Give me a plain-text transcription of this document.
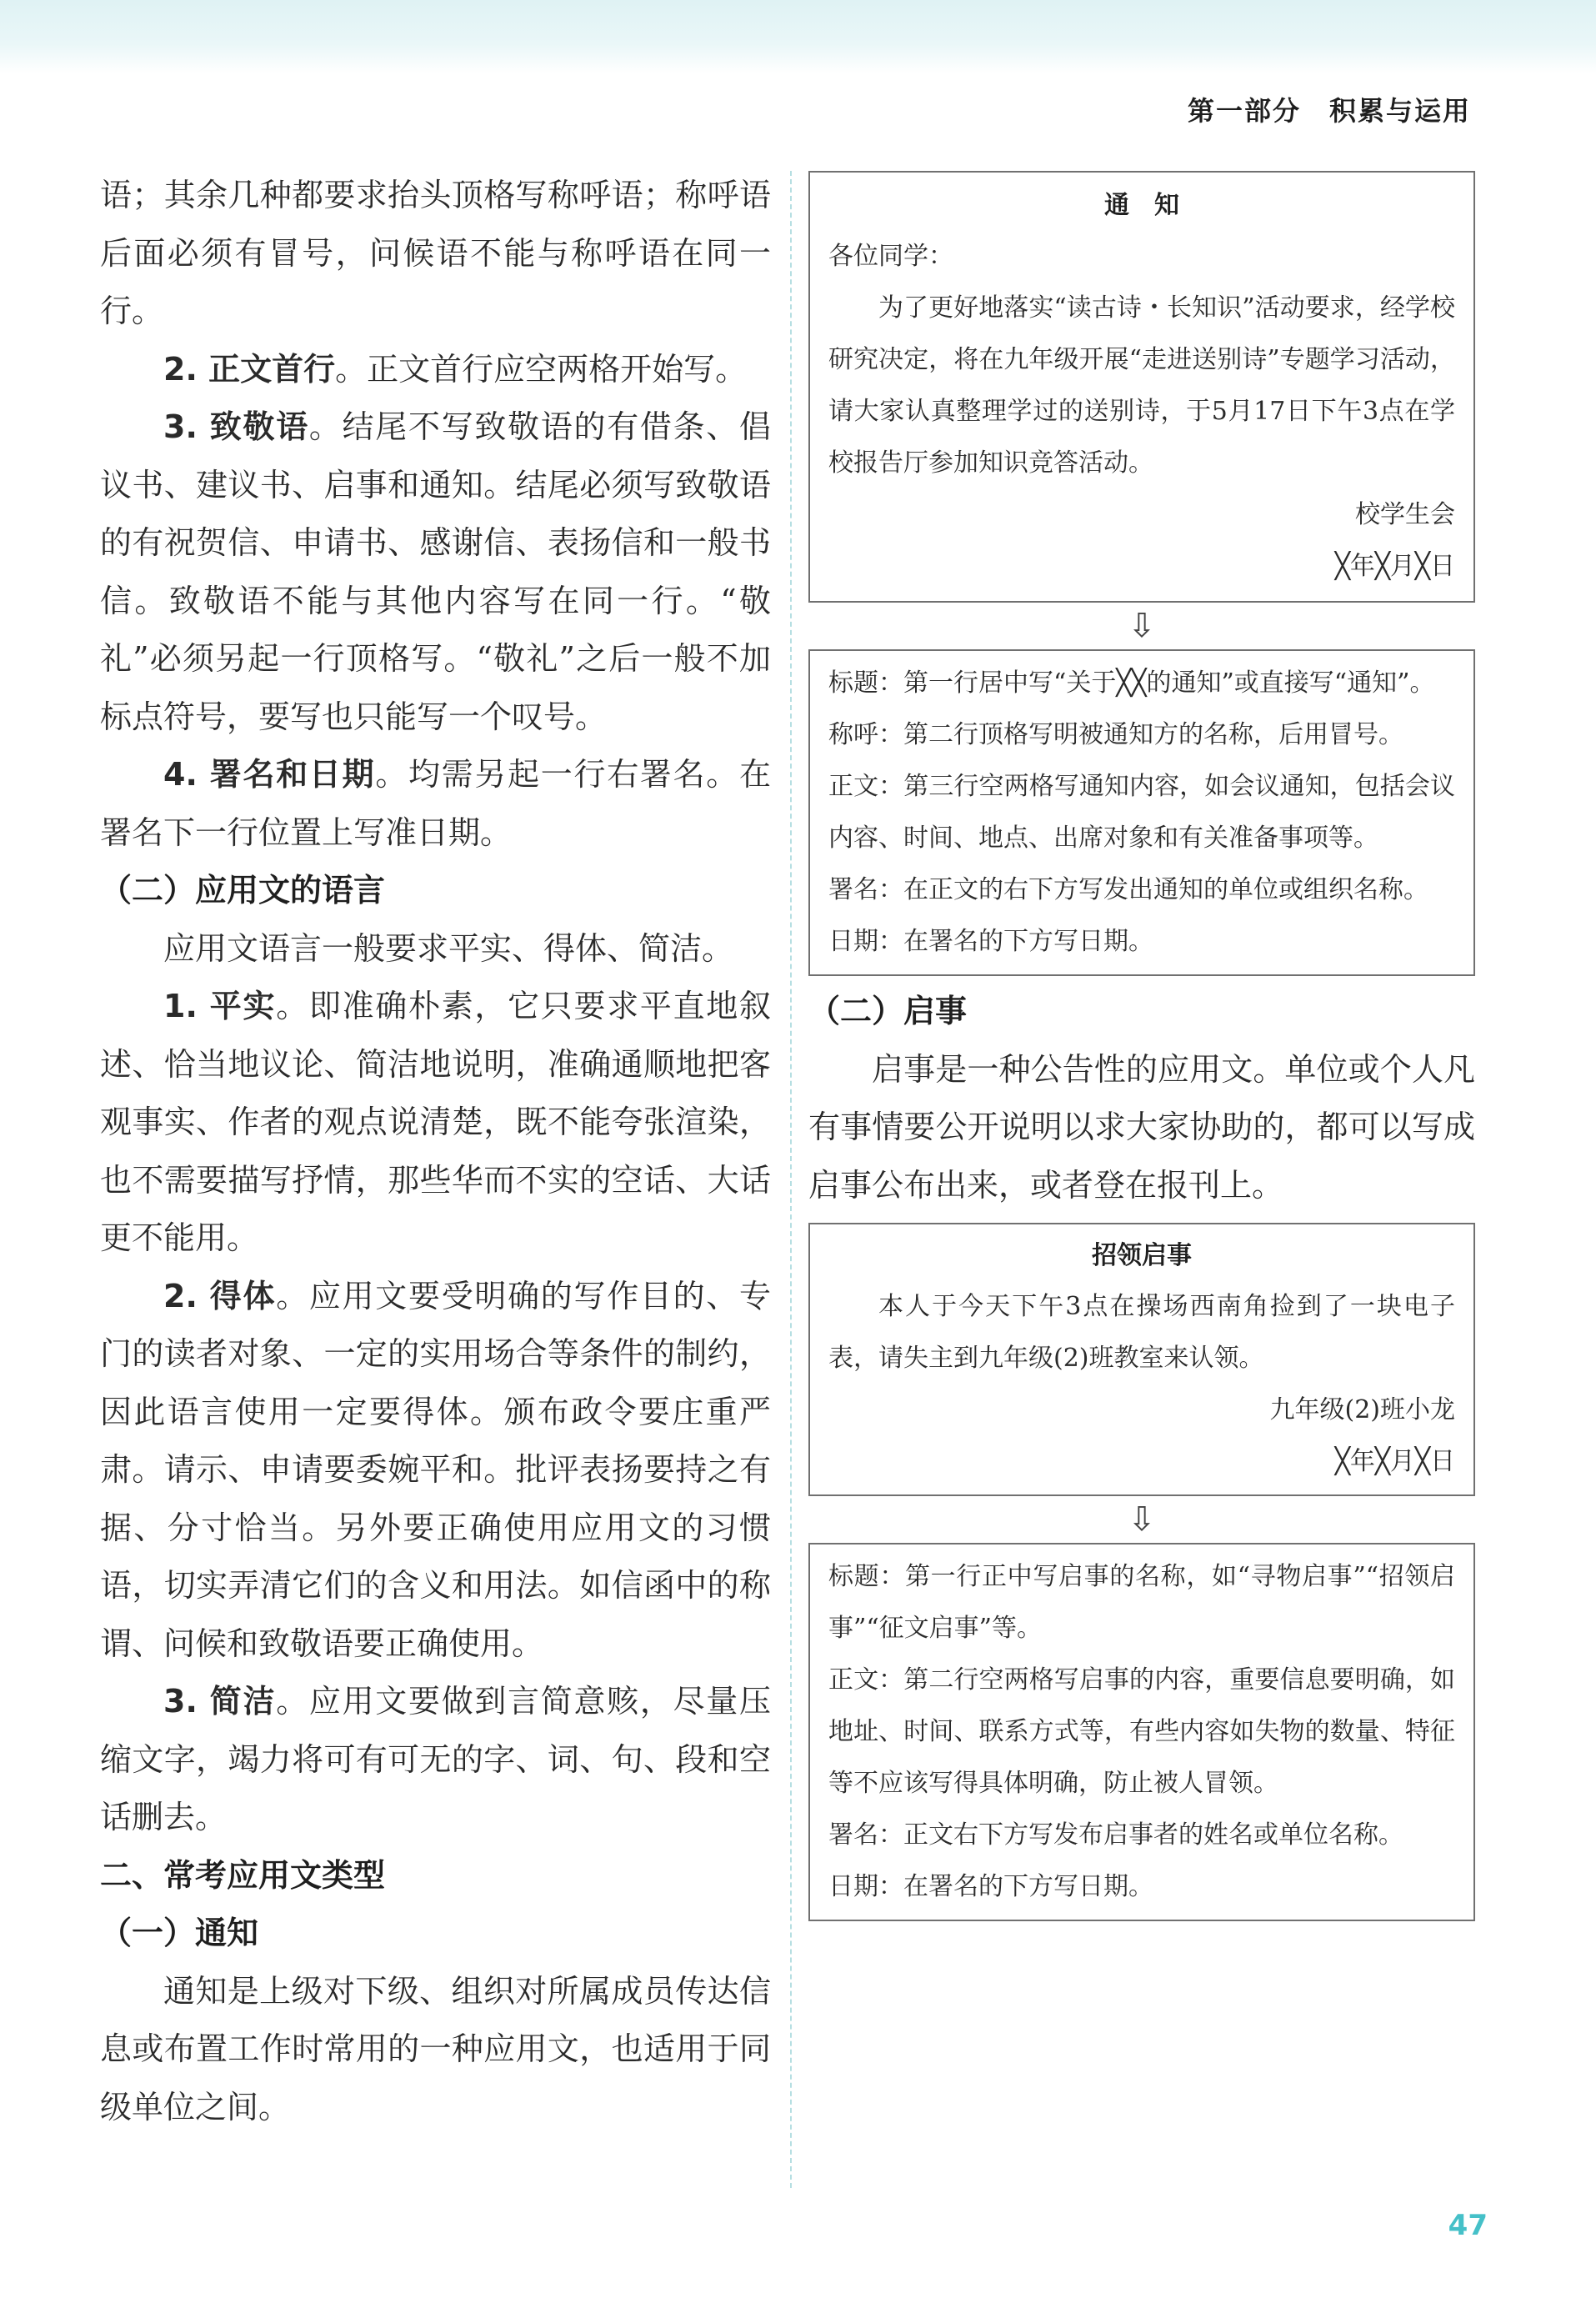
第一部分　积累与运用

语；其余几种都要求抬头顶格写称呼语；称呼语后面必须有冒号，问候语不能与称呼语在同一行。

2. 正文首行。正文首行应空两格开始写。

3. 致敬语。结尾不写致敬语的有借条、倡议书、建议书、启事和通知。结尾必须写致敬语的有祝贺信、申请书、感谢信、表扬信和一般书信。致敬语不能与其他内容写在同一行。“敬礼”必须另起一行顶格写。“敬礼”之后一般不加标点符号，要写也只能写一个叹号。

4. 署名和日期。均需另起一行右署名。在署名下一行位置上写准日期。

（二）应用文的语言

应用文语言一般要求平实、得体、简洁。

1. 平实。即准确朴素，它只要求平直地叙述、恰当地议论、简洁地说明，准确通顺地把客观事实、作者的观点说清楚，既不能夸张渲染，也不需要描写抒情，那些华而不实的空话、大话更不能用。

2. 得体。应用文要受明确的写作目的、专门的读者对象、一定的实用场合等条件的制约，因此语言使用一定要得体。颁布政令要庄重严肃。请示、申请要委婉平和。批评表扬要持之有据、分寸恰当。另外要正确使用应用文的习惯语，切实弄清它们的含义和用法。如信函中的称谓、问候和致敬语要正确使用。

3. 简洁。应用文要做到言简意赅，尽量压缩文字，竭力将可有可无的字、词、句、段和空话删去。

二、常考应用文类型

（一）通知

通知是上级对下级、组织对所属成员传达信息或布置工作时常用的一种应用文，也适用于同级单位之间。

通　知

各位同学：

为了更好地落实“读古诗・长知识”活动要求，经学校研究决定，将在九年级开展“走进送别诗”专题学习活动，请大家认真整理学过的送别诗，于5月17日下午3点在学校报告厅参加知识竞答活动。

校学生会

╳年╳月╳日

⇩

标题：第一行居中写“关于╳╳的通知”或直接写“通知”。

称呼：第二行顶格写明被通知方的名称，后用冒号。

正文：第三行空两格写通知内容，如会议通知，包括会议内容、时间、地点、出席对象和有关准备事项等。

署名：在正文的右下方写发出通知的单位或组织名称。

日期：在署名的下方写日期。

（二）启事

启事是一种公告性的应用文。单位或个人凡有事情要公开说明以求大家协助的，都可以写成启事公布出来，或者登在报刊上。

招领启事

本人于今天下午3点在操场西南角捡到了一块电子表，请失主到九年级(2)班教室来认领。

九年级(2)班小龙

╳年╳月╳日

⇩

标题：第一行正中写启事的名称，如“寻物启事”“招领启事”“征文启事”等。

正文：第二行空两格写启事的内容，重要信息要明确，如地址、时间、联系方式等，有些内容如失物的数量、特征等不应该写得具体明确，防止被人冒领。

署名：正文右下方写发布启事者的姓名或单位名称。

日期：在署名的下方写日期。

47
